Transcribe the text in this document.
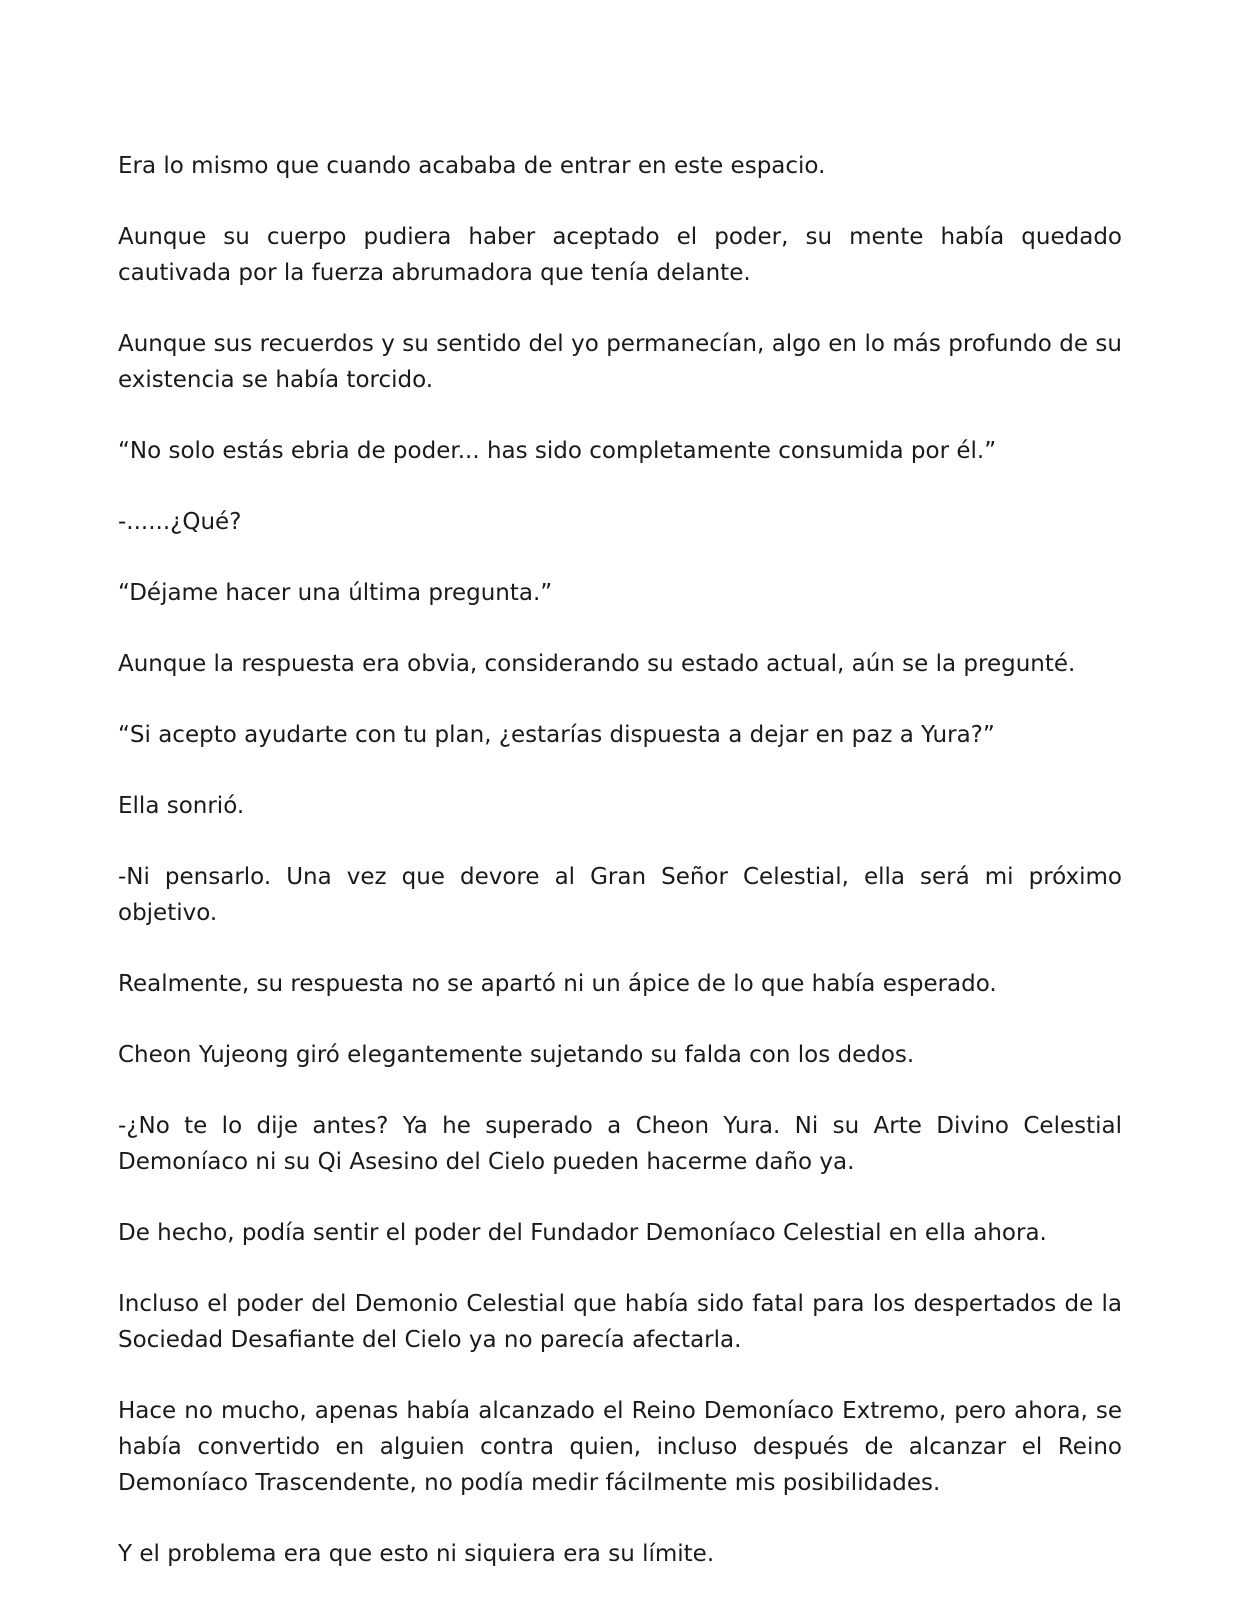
Era lo mismo que cuando acababa de entrar en este espacio.

Aunque su cuerpo pudiera haber aceptado el poder, su mente había quedado cautivada por la fuerza abrumadora que tenía delante.

Aunque sus recuerdos y su sentido del yo permanecían, algo en lo más profundo de su existencia se había torcido.

“No solo estás ebria de poder... has sido completamente consumida por él.”

-......¿Qué?

“Déjame hacer una última pregunta.”

Aunque la respuesta era obvia, considerando su estado actual, aún se la pregunté.

“Si acepto ayudarte con tu plan, ¿estarías dispuesta a dejar en paz a Yura?”

Ella sonrió.

-Ni pensarlo. Una vez que devore al Gran Señor Celestial, ella será mi próximo objetivo.

Realmente, su respuesta no se apartó ni un ápice de lo que había esperado.

Cheon Yujeong giró elegantemente sujetando su falda con los dedos.

-¿No te lo dije antes? Ya he superado a Cheon Yura. Ni su Arte Divino Celestial Demoníaco ni su Qi Asesino del Cielo pueden hacerme daño ya.

De hecho, podía sentir el poder del Fundador Demoníaco Celestial en ella ahora.

Incluso el poder del Demonio Celestial que había sido fatal para los despertados de la Sociedad Desafiante del Cielo ya no parecía afectarla.

Hace no mucho, apenas había alcanzado el Reino Demoníaco Extremo, pero ahora, se había convertido en alguien contra quien, incluso después de alcanzar el Reino Demoníaco Trascendente, no podía medir fácilmente mis posibilidades.

Y el problema era que esto ni siquiera era su límite.
